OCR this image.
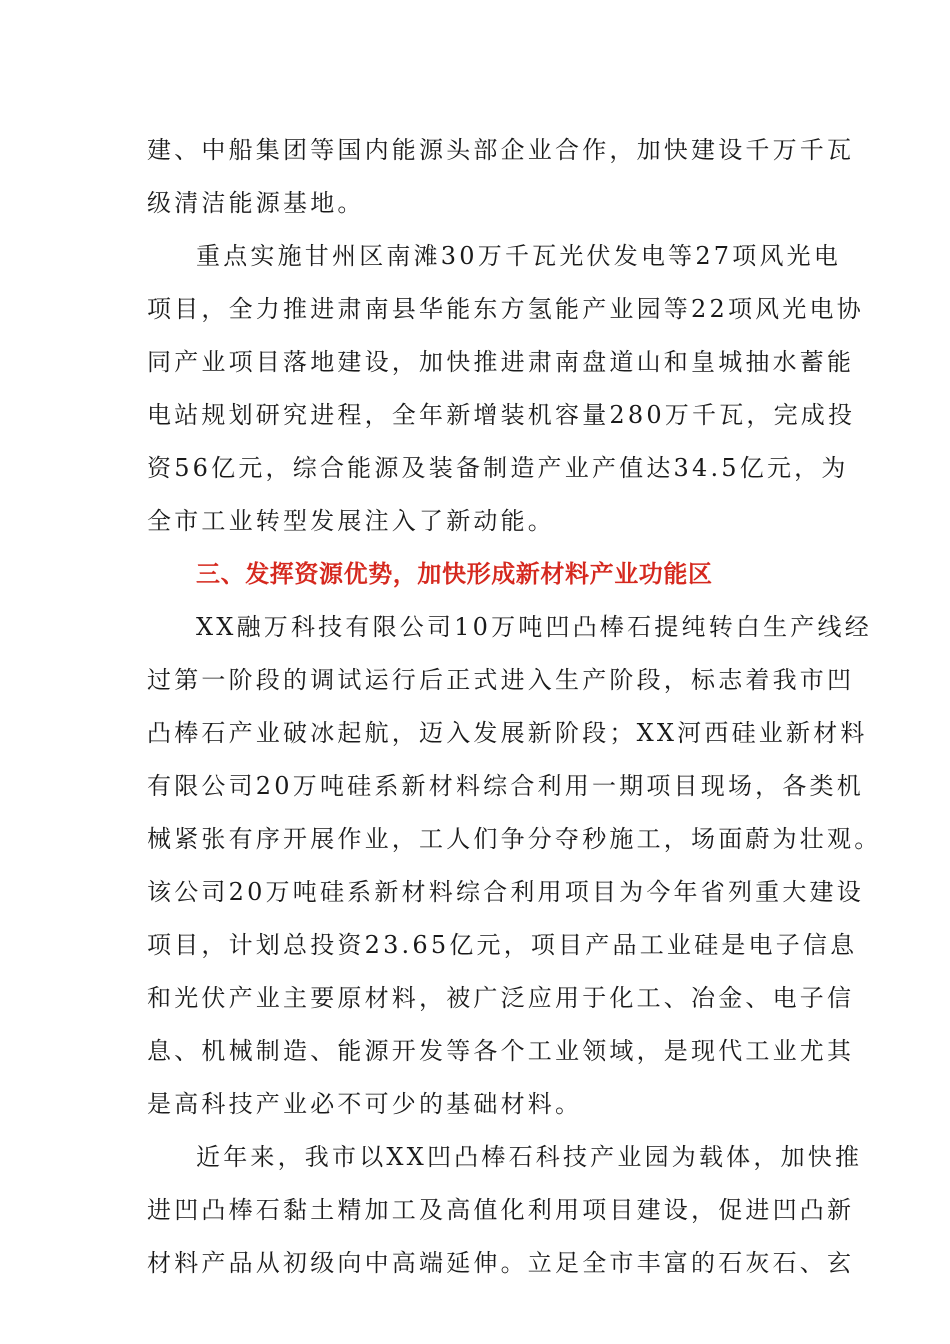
建、中船集团等国内能源头部企业合作，加快建设千万千瓦
级清洁能源基地。
重点实施甘州区南滩30万千瓦光伏发电等27项风光电
项目，全力推进肃南县华能东方氢能产业园等22项风光电协
同产业项目落地建设，加快推进肃南盘道山和皇城抽水蓄能
电站规划研究进程，全年新增装机容量280万千瓦，完成投
资56亿元，综合能源及装备制造产业产值达34.5亿元，为
全市工业转型发展注入了新动能。
三、发挥资源优势，加快形成新材料产业功能区
XX融万科技有限公司10万吨凹凸棒石提纯转白生产线经
过第一阶段的调试运行后正式进入生产阶段，标志着我市凹
凸棒石产业破冰起航，迈入发展新阶段；XX河西硅业新材料
有限公司20万吨硅系新材料综合利用一期项目现场，各类机
械紧张有序开展作业，工人们争分夺秒施工，场面蔚为壮观。
该公司20万吨硅系新材料综合利用项目为今年省列重大建设
项目，计划总投资23.65亿元，项目产品工业硅是电子信息
和光伏产业主要原材料，被广泛应用于化工、冶金、电子信
息、机械制造、能源开发等各个工业领域，是现代工业尤其
是高科技产业必不可少的基础材料。
近年来，我市以XX凹凸棒石科技产业园为载体，加快推
进凹凸棒石黏土精加工及高值化利用项目建设，促进凹凸新
材料产品从初级向中高端延伸。立足全市丰富的石灰石、玄
